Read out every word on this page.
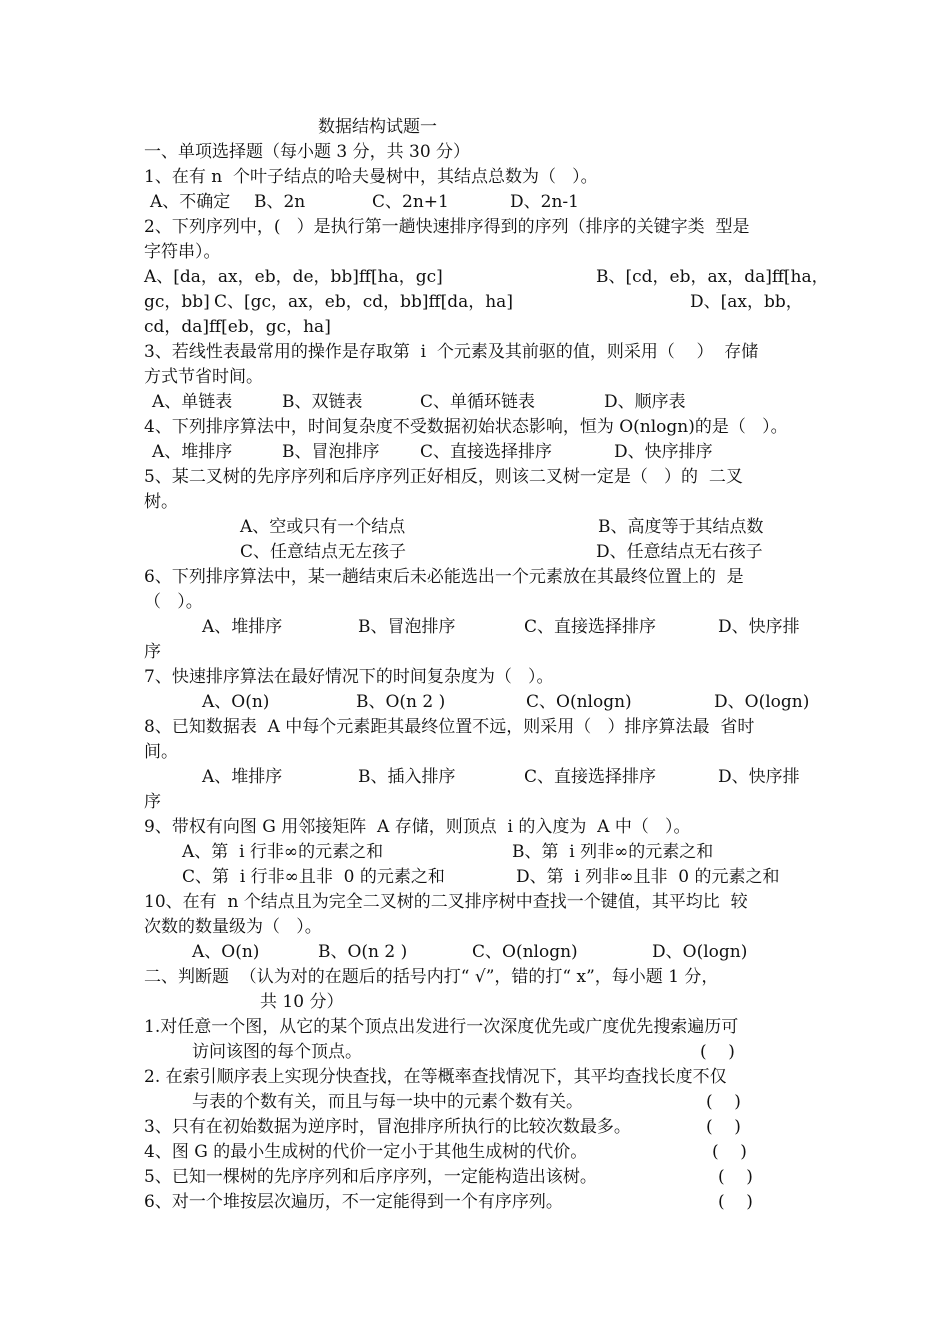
数据结构试题一
一、单项选择题（每小题 3 分，共 30 分）
1、在有 n  个叶子结点的哈夫曼树中，其结点总数为（   ）。
A、不确定 B、2n	C、2n+1	D、2n-1
2、下列序列中，(   ）是执行第一趟快速排序得到的序列（排序的关键字类  型是
字符串）。
A、[da，ax，eb，de，bb]ff[ha，gc]	B、[cd，eb，ax，da]ff[ha，
gc，bb] C、[gc，ax，eb，cd，bb]ff[da，ha]	D、[ax，bb，
cd，da]ff[eb，gc，ha]
3、若线性表最常用的操作是存取第  i  个元素及其前驱的值，则采用（    ）  存储
方式节省时间。
A、单链表	B、双链表	C、单循环链表	D、顺序表
4、下列排序算法中，时间复杂度不受数据初始状态影响，恒为 O(nlogn)的是（   ）。
A、堆排序	B、冒泡排序 C、直接选择排序	D、快序排序
5、某二叉树的先序序列和后序序列正好相反，则该二叉树一定是（   ）的  二叉
树。
A、空或只有一个结点	B、高度等于其结点数
C、任意结点无左孩子	D、任意结点无右孩子
6、下列排序算法中，某一趟结束后未必能选出一个元素放在其最终位置上的  是
（   ）。
A、堆排序	B、冒泡排序	C、直接选择排序	D、快序排
序
7、快速排序算法在最好情况下的时间复杂度为（   ）。
A、O(n)	B、O(n 2 )	C、O(nlogn)	D、O(logn)
8、已知数据表  A 中每个元素距其最终位置不远，则采用（   ）排序算法最  省时
间。
A、堆排序	B、插入排序	C、直接选择排序	D、快序排
序
9、带权有向图 G 用邻接矩阵  A 存储，则顶点  i 的入度为  A 中（   ）。
A、第  i 行非∞的元素之和	B、第  i 列非∞的元素之和
C、第  i 行非∞且非  0 的元素之和	D、第  i 列非∞且非  0 的元素之和
10、在有  n 个结点且为完全二叉树的二叉排序树中查找一个键值，其平均比  较
次数的数量级为（   ）。
A、O(n)	B、O(n 2 )	C、O(nlogn)	D、O(logn)
二、判断题  （认为对的在题后的括号内打“ √”，错的打“ x”，每小题 1 分，
共 10 分）
1.对任意一个图，从它的某个顶点出发进行一次深度优先或广度优先搜索遍历可
访问该图的每个顶点。	(    )
2. 在索引顺序表上实现分快查找，在等概率查找情况下，其平均查找长度不仅
与表的个数有关，而且与每一块中的元素个数有关。	(    )
3、只有在初始数据为逆序时，冒泡排序所执行的比较次数最多。	(    )
4、图 G 的最小生成树的代价一定小于其他生成树的代价。	(    )
5、已知一棵树的先序序列和后序序列，一定能构造出该树。	(    )
6、对一个堆按层次遍历，不一定能得到一个有序序列。	(    )
